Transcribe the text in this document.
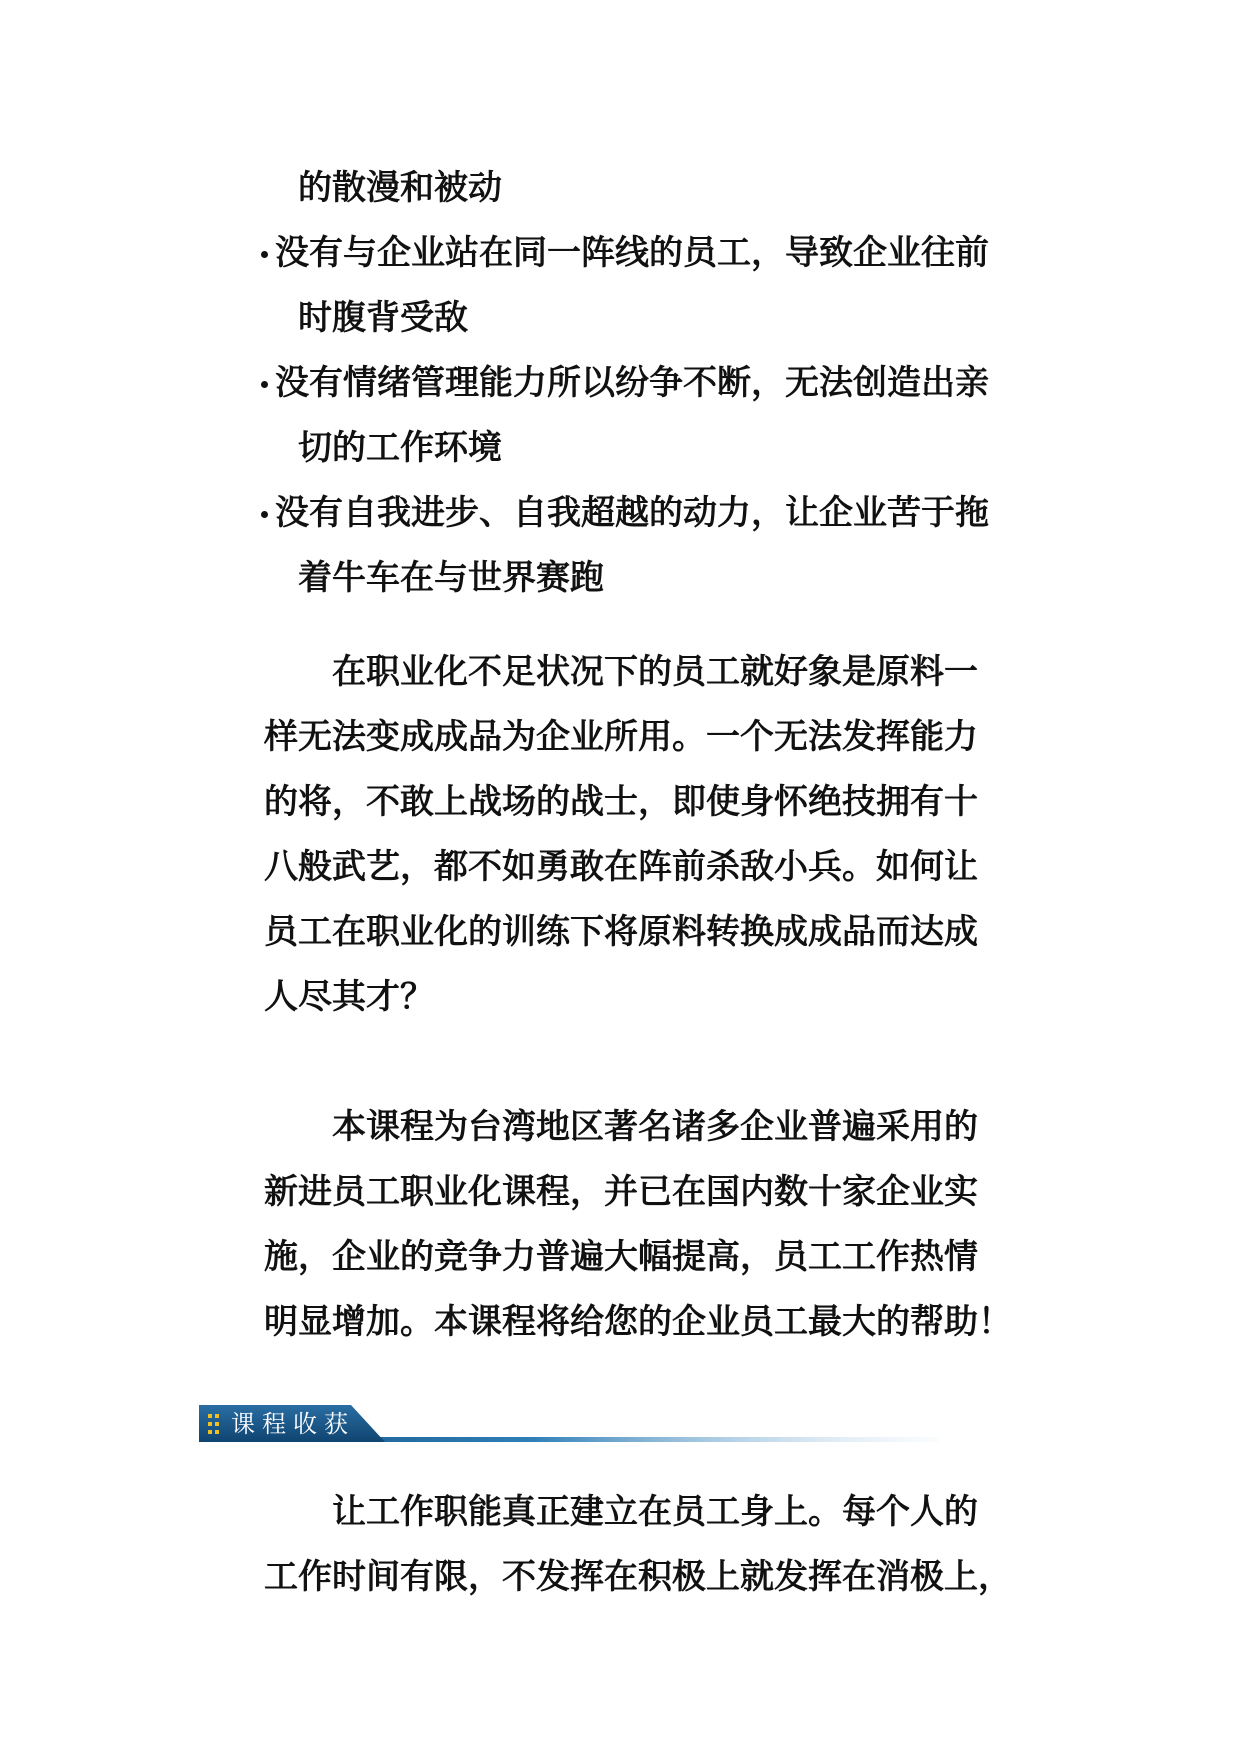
的散漫和被动
没有与企业站在同一阵线的员工，导致企业往前
时腹背受敌
没有情绪管理能力所以纷争不断，无法创造出亲
切的工作环境
没有自我进步、自我超越的动力，让企业苦于拖
着牛车在与世界赛跑
在职业化不足状况下的员工就好象是原料一
样无法变成成品为企业所用。一个无法发挥能力
的将，不敢上战场的战士，即使身怀绝技拥有十
八般武艺，都不如勇敢在阵前杀敌小兵。如何让
员工在职业化的训练下将原料转换成成品而达成
人尽其才？
本课程为台湾地区著名诸多企业普遍采用的
新进员工职业化课程，并已在国内数十家企业实
施，企业的竞争力普遍大幅提高，员工工作热情
明显增加。本课程将给您的企业员工最大的帮助！
课程收获
让工作职能真正建立在员工身上。每个人的
工作时间有限，不发挥在积极上就发挥在消极上，
